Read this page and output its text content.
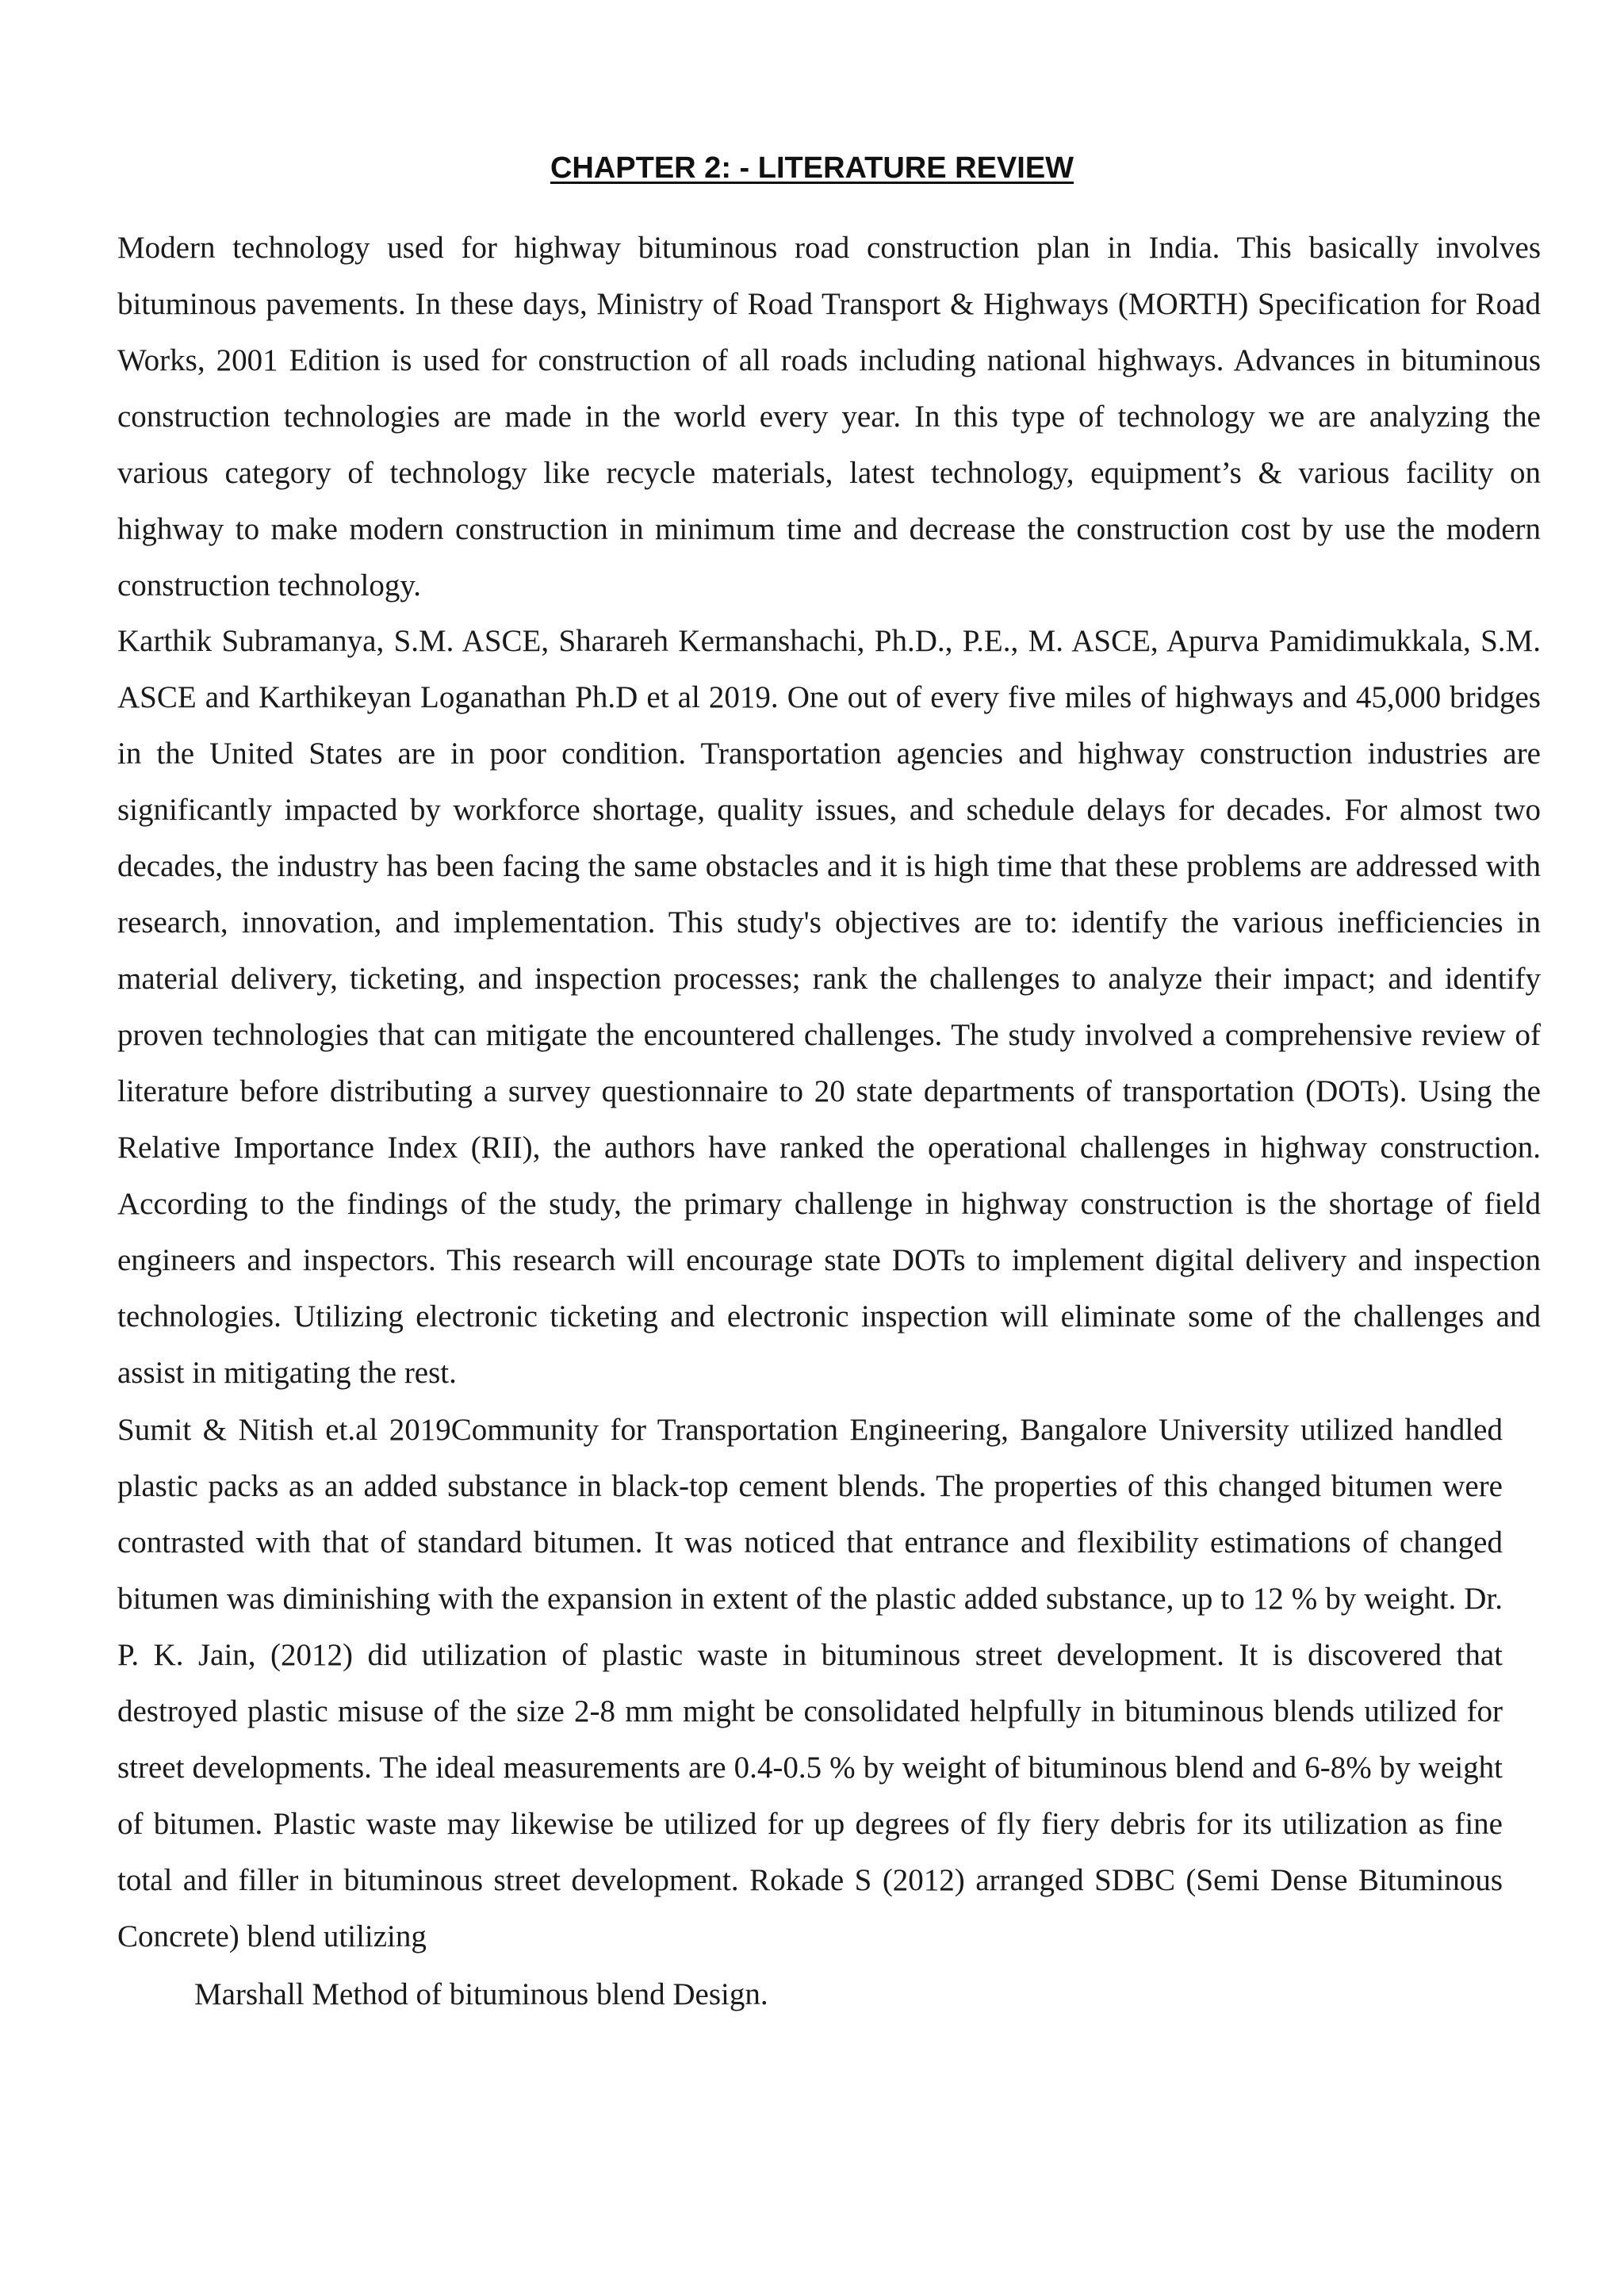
CHAPTER 2: - LITERATURE REVIEW

Modern technology used for highway bituminous road construction plan in India. This basically involves bituminous pavements. In these days, Ministry of Road Transport & Highways (MORTH) Specification for Road Works, 2001 Edition is used for construction of all roads including national highways. Advances in bituminous construction technologies are made in the world every year. In this type of technology we are analyzing the various category of technology like recycle materials, latest technology, equipment’s & various facility on highway to make modern construction in minimum time and decrease the construction cost by use the modern construction technology.

Karthik Subramanya, S.M. ASCE, Sharareh Kermanshachi, Ph.D., P.E., M. ASCE, Apurva Pamidimukkala, S.M. ASCE and Karthikeyan Loganathan Ph.D et al 2019. One out of every five miles of highways and 45,000 bridges in the United States are in poor condition. Transportation agencies and highway construction industries are significantly impacted by workforce shortage, quality issues, and schedule delays for decades. For almost two decades, the industry has been facing the same obstacles and it is high time that these problems are addressed with research, innovation, and implementation. This study's objectives are to: identify the various inefficiencies in material delivery, ticketing, and inspection processes; rank the challenges to analyze their impact; and identify proven technologies that can mitigate the encountered challenges. The study involved a comprehensive review of literature before distributing a survey questionnaire to 20 state departments of transportation (DOTs). Using the Relative Importance Index (RII), the authors have ranked the operational challenges in highway construction. According to the findings of the study, the primary challenge in highway construction is the shortage of field engineers and inspectors. This research will encourage state DOTs to implement digital delivery and inspection technologies. Utilizing electronic ticketing and electronic inspection will eliminate some of the challenges and assist in mitigating the rest.

Sumit & Nitish et.al 2019Community for Transportation Engineering, Bangalore University utilized handled plastic packs as an added substance in black-top cement blends. The properties of this changed bitumen were contrasted with that of standard bitumen. It was noticed that entrance and flexibility estimations of changed bitumen was diminishing with the expansion in extent of the plastic added substance, up to 12 % by weight. Dr. P. K. Jain, (2012) did utilization of plastic waste in bituminous street development. It is discovered that destroyed plastic misuse of the size 2-8 mm might be consolidated helpfully in bituminous blends utilized for street developments. The ideal measurements are 0.4-0.5 % by weight of bituminous blend and 6-8% by weight of bitumen. Plastic waste may likewise be utilized for up degrees of fly fiery debris for its utilization as fine total and filler in bituminous street development. Rokade S (2012) arranged SDBC (Semi Dense Bituminous Concrete) blend utilizing

Marshall Method of bituminous blend Design.
